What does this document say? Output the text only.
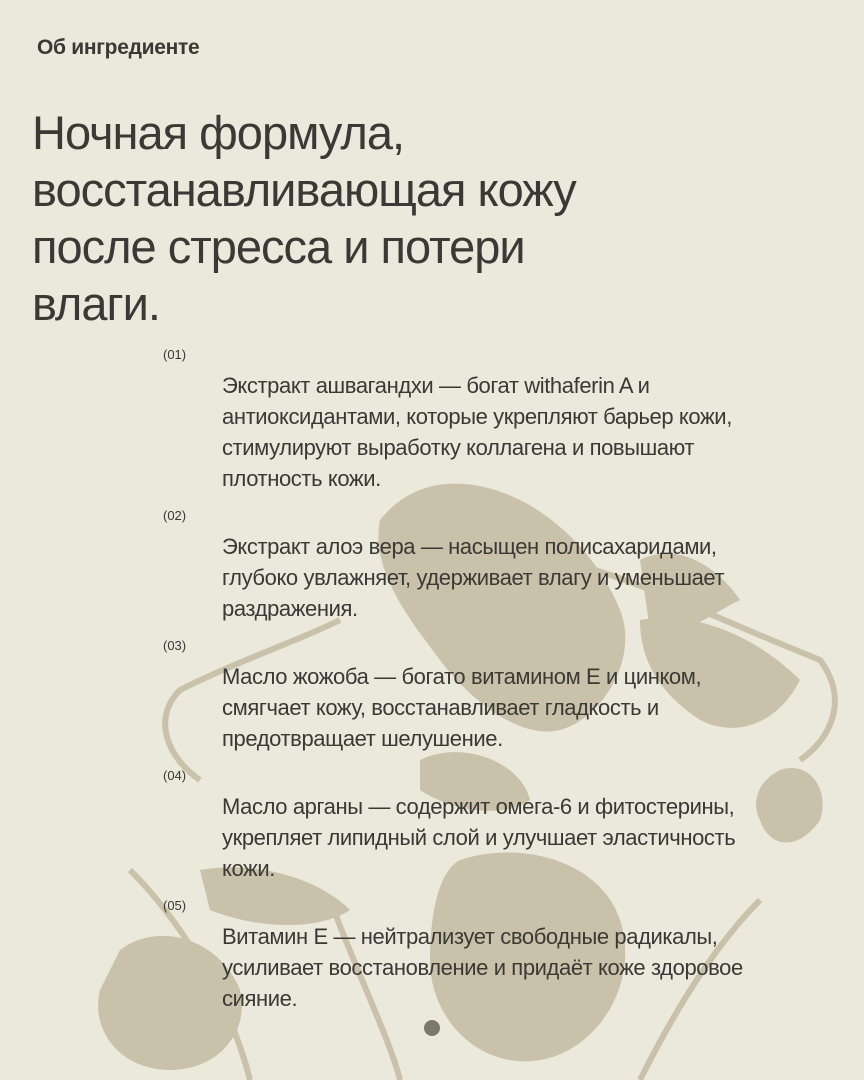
Об ингредиенте
Ночная формула, восстанавливающая кожу после стресса и потери влаги.
(01)
Экстракт ашвагандхи — богат withaferin A и антиоксидантами, которые укрепляют барьер кожи, стимулируют выработку коллагена и повышают плотность кожи.
(02)
Экстракт алоэ вера — насыщен полисахаридами, глубоко увлажняет, удерживает влагу и уменьшает раздражения.
(03)
Масло жожоба — богато витамином Е и цинком, смягчает кожу, восстанавливает гладкость и предотвращает шелушение.
(04)
Масло арганы — содержит омега-6 и фитостерины, укрепляет липидный слой и улучшает эластичность кожи.
(05)
Витамин Е — нейтрализует свободные радикалы, усиливает восстановление и придаёт коже здоровое сияние.
